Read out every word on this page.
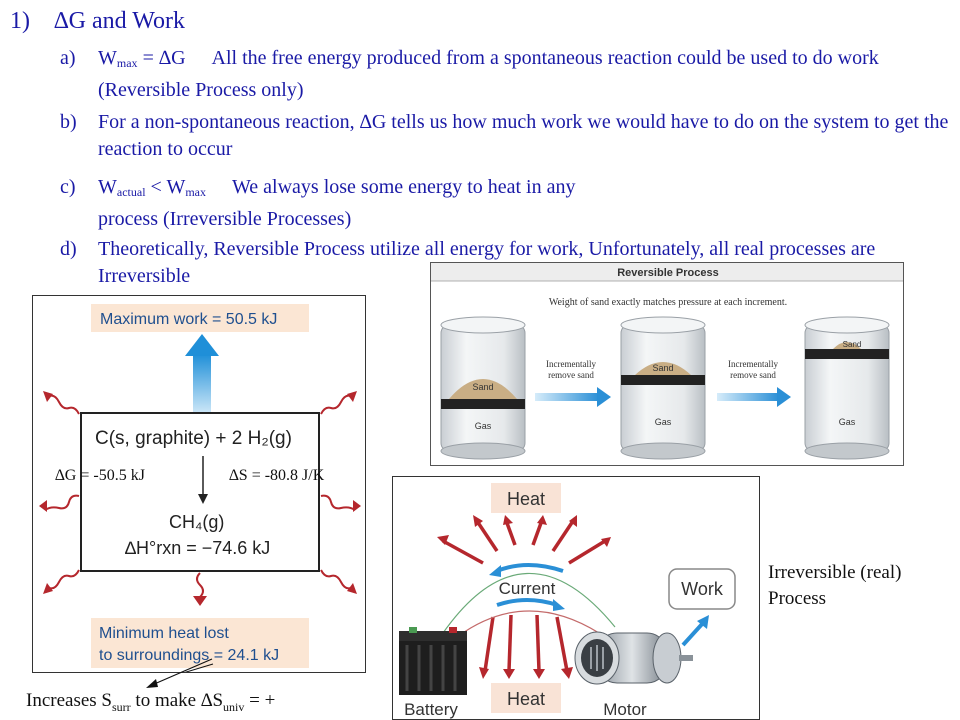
1) ∆G and Work
a)	$W_{max} = \Delta G$ All the free energy produced from a spontaneous reaction could be used to do work (Reversible Process only)
b)	For a non-spontaneous reaction, ∆G tells us how much work we would have to do on the system to get the reaction to occur
c)	$W_{actual} < W_{max}$ We always lose some energy to heat in any
process (Irreversible Processes)
d)	Theoretically, Reversible Process utilize all energy for work, Unfortunately, all real processes are Irreversible
Maximum work = 50.5 kJ
C(s, graphite) + 2 H₂(g)
CH₄(g)
∆H°rxn = −74.6 kJ
∆G = -50.5 kJ	∆S = -80.8 J/K
Minimum heat lost
to surroundings = 24.1 kJ
Increases $S_{surr}$ to make $\Delta S_{univ}$ = +
Reversible Process
Weight of sand exactly matches pressure at each increment.
Sand
Gas
Incrementally
remove sand
Sand
Gas
Incrementally
remove sand
Sand
Gas
Heat
Heat
Current
Battery	Motor
Work
Irreversible (real)
Process
